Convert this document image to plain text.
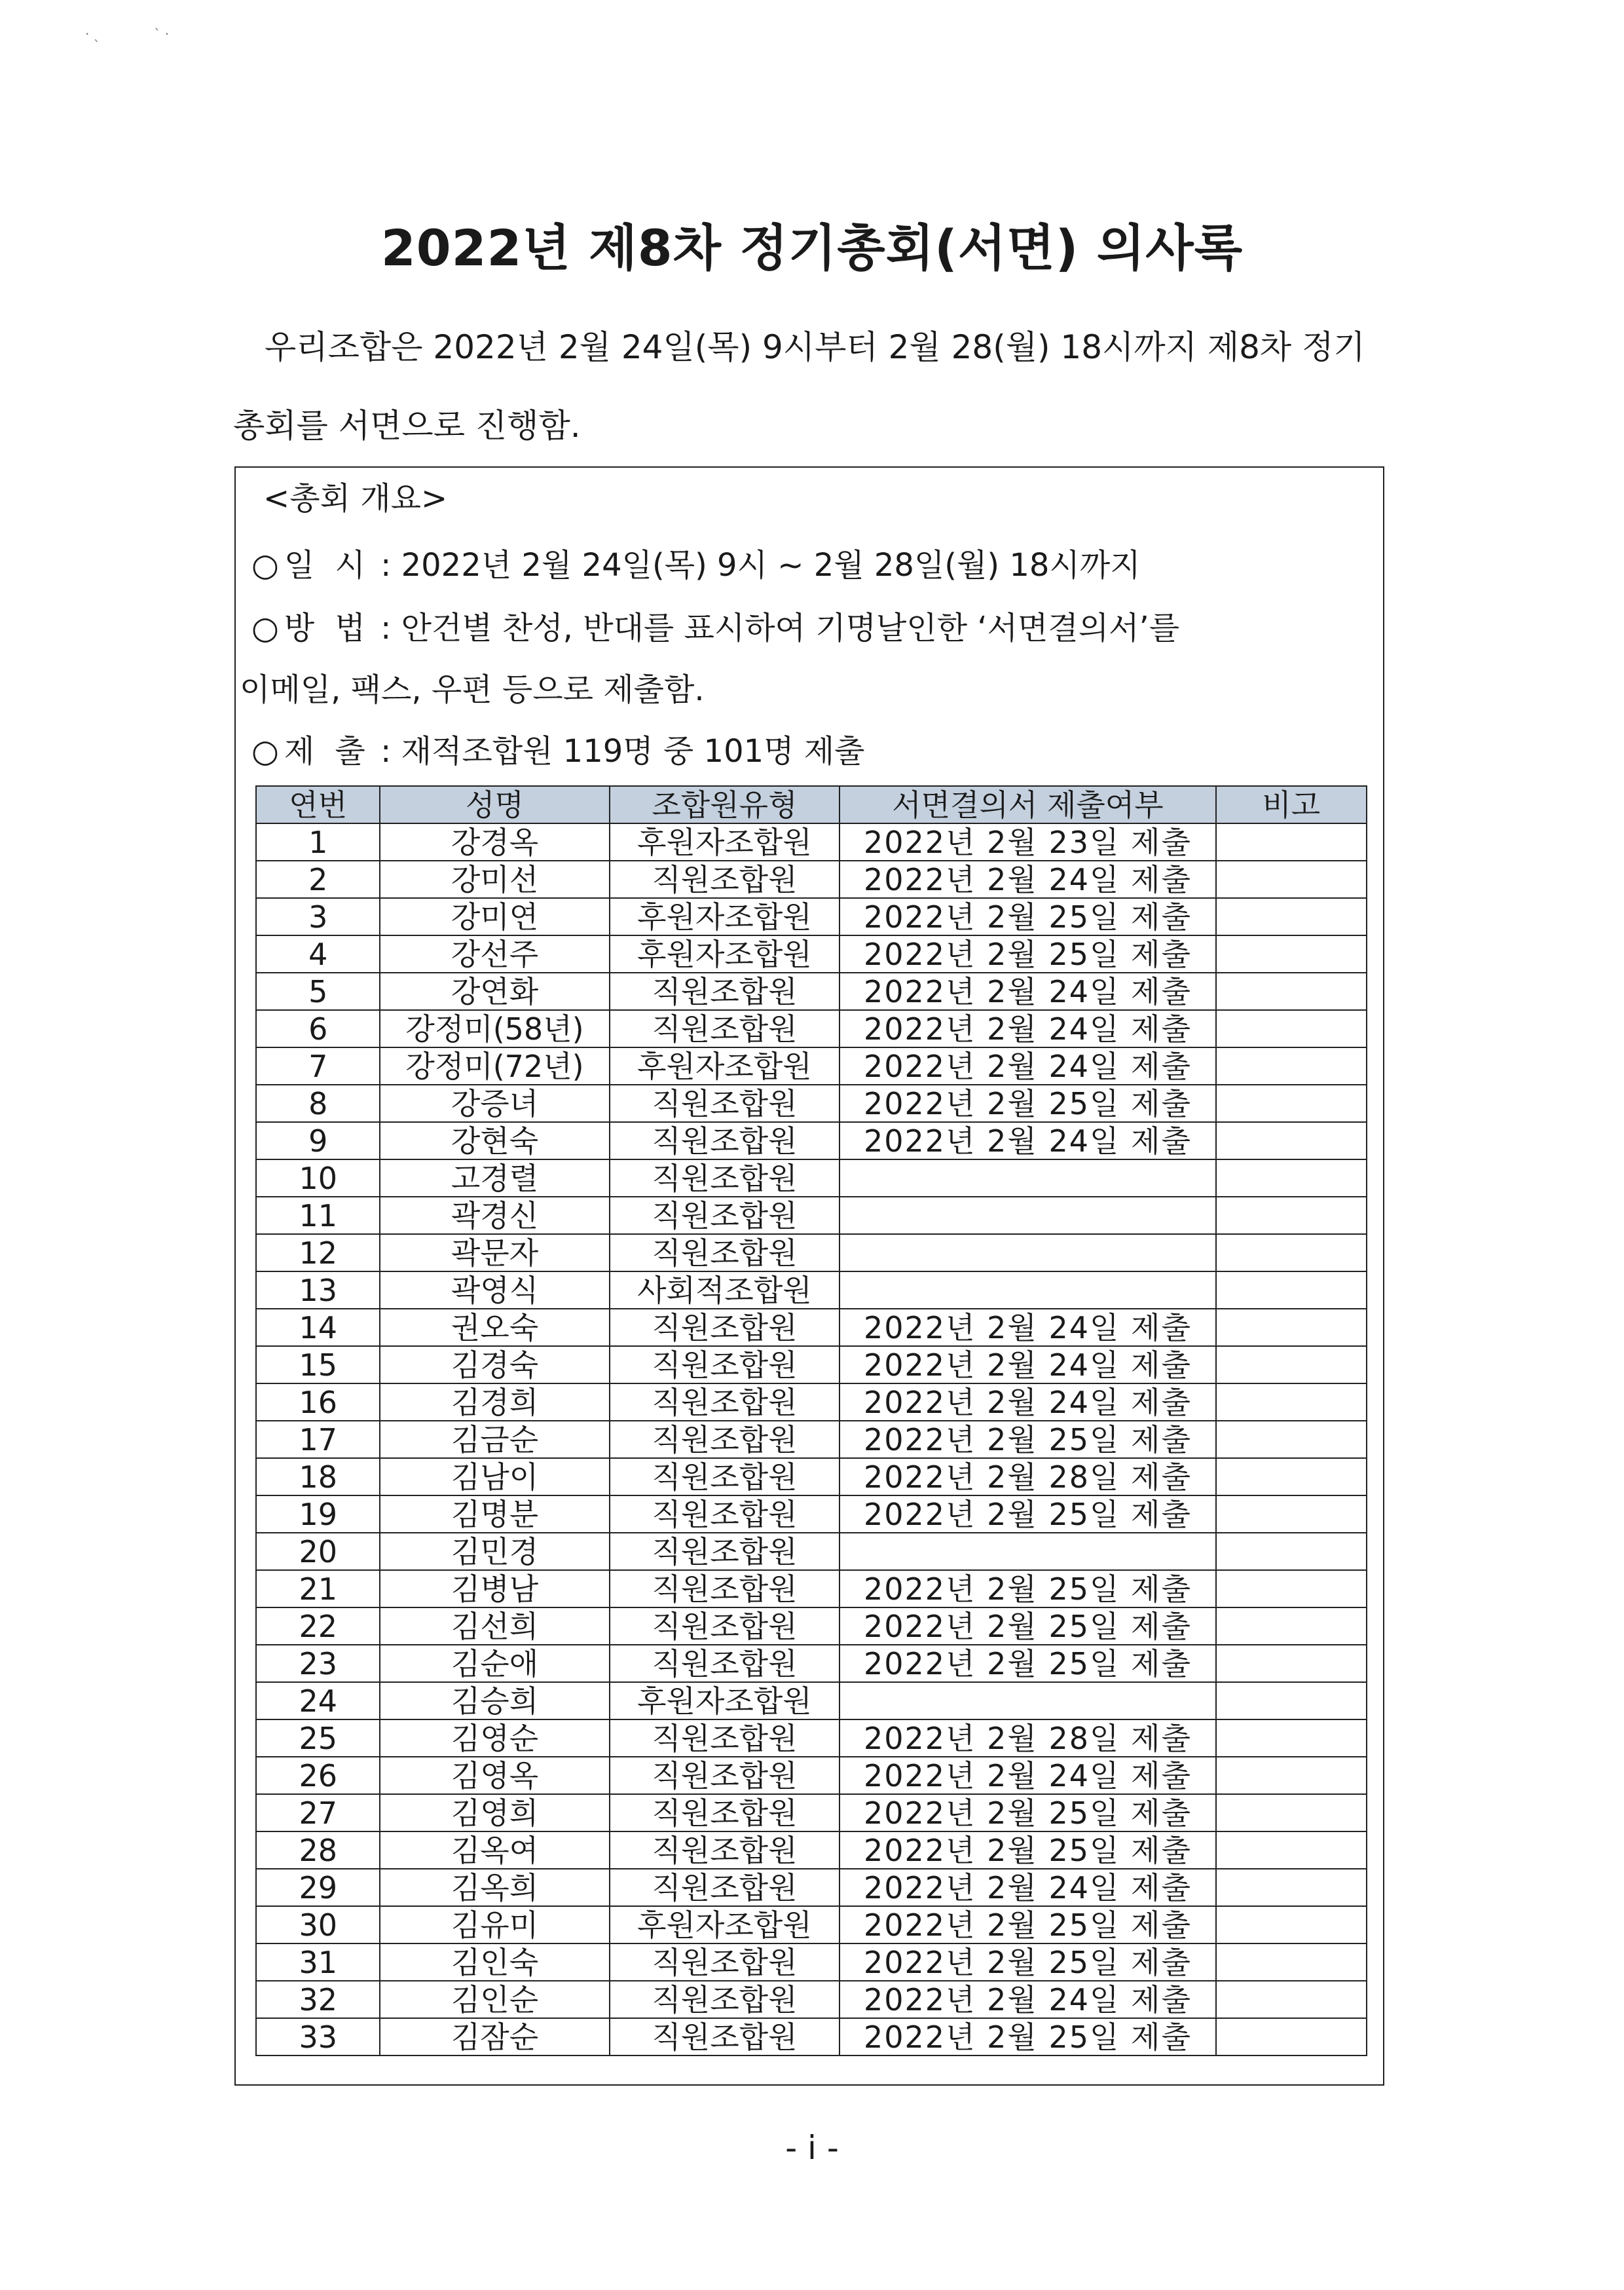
· ˎ             ˋ ·
2022년 제8차 정기총회(서면) 의사록
우리조합은 2022년 2월 24일(목) 9시부터 2월 28(월) 18시까지 제8차 정기
총회를 서면으로 진행함.
<총회 개요>
○일 시 : 2022년 2월 24일(목) 9시 ~ 2월 28일(월) 18시까지
○방 법 : 안건별 찬성, 반대를 표시하여 기명날인한 ‘서면결의서’를
이메일, 팩스, 우편 등으로 제출함.
○제 출 : 재적조합원 119명 중 101명 제출
연번	성명	조합원유형	서면결의서 제출여부	비고
1	강경옥	후원자조합원	2022년 2월 23일 제출	
2	강미선	직원조합원	2022년 2월 24일 제출	
3	강미연	후원자조합원	2022년 2월 25일 제출	
4	강선주	후원자조합원	2022년 2월 25일 제출	
5	강연화	직원조합원	2022년 2월 24일 제출	
6	강정미(58년)	직원조합원	2022년 2월 24일 제출	
7	강정미(72년)	후원자조합원	2022년 2월 24일 제출	
8	강증녀	직원조합원	2022년 2월 25일 제출	
9	강현숙	직원조합원	2022년 2월 24일 제출	
10	고경렬	직원조합원		
11	곽경신	직원조합원		
12	곽문자	직원조합원		
13	곽영식	사회적조합원		
14	권오숙	직원조합원	2022년 2월 24일 제출	
15	김경숙	직원조합원	2022년 2월 24일 제출	
16	김경희	직원조합원	2022년 2월 24일 제출	
17	김금순	직원조합원	2022년 2월 25일 제출	
18	김남이	직원조합원	2022년 2월 28일 제출	
19	김명분	직원조합원	2022년 2월 25일 제출	
20	김민경	직원조합원		
21	김병남	직원조합원	2022년 2월 25일 제출	
22	김선희	직원조합원	2022년 2월 25일 제출	
23	김순애	직원조합원	2022년 2월 25일 제출	
24	김승희	후원자조합원		
25	김영순	직원조합원	2022년 2월 28일 제출	
26	김영옥	직원조합원	2022년 2월 24일 제출	
27	김영희	직원조합원	2022년 2월 25일 제출	
28	김옥여	직원조합원	2022년 2월 25일 제출	
29	김옥희	직원조합원	2022년 2월 24일 제출	
30	김유미	후원자조합원	2022년 2월 25일 제출	
31	김인숙	직원조합원	2022년 2월 25일 제출	
32	김인순	직원조합원	2022년 2월 24일 제출	
33	김잠순	직원조합원	2022년 2월 25일 제출	
- i -
